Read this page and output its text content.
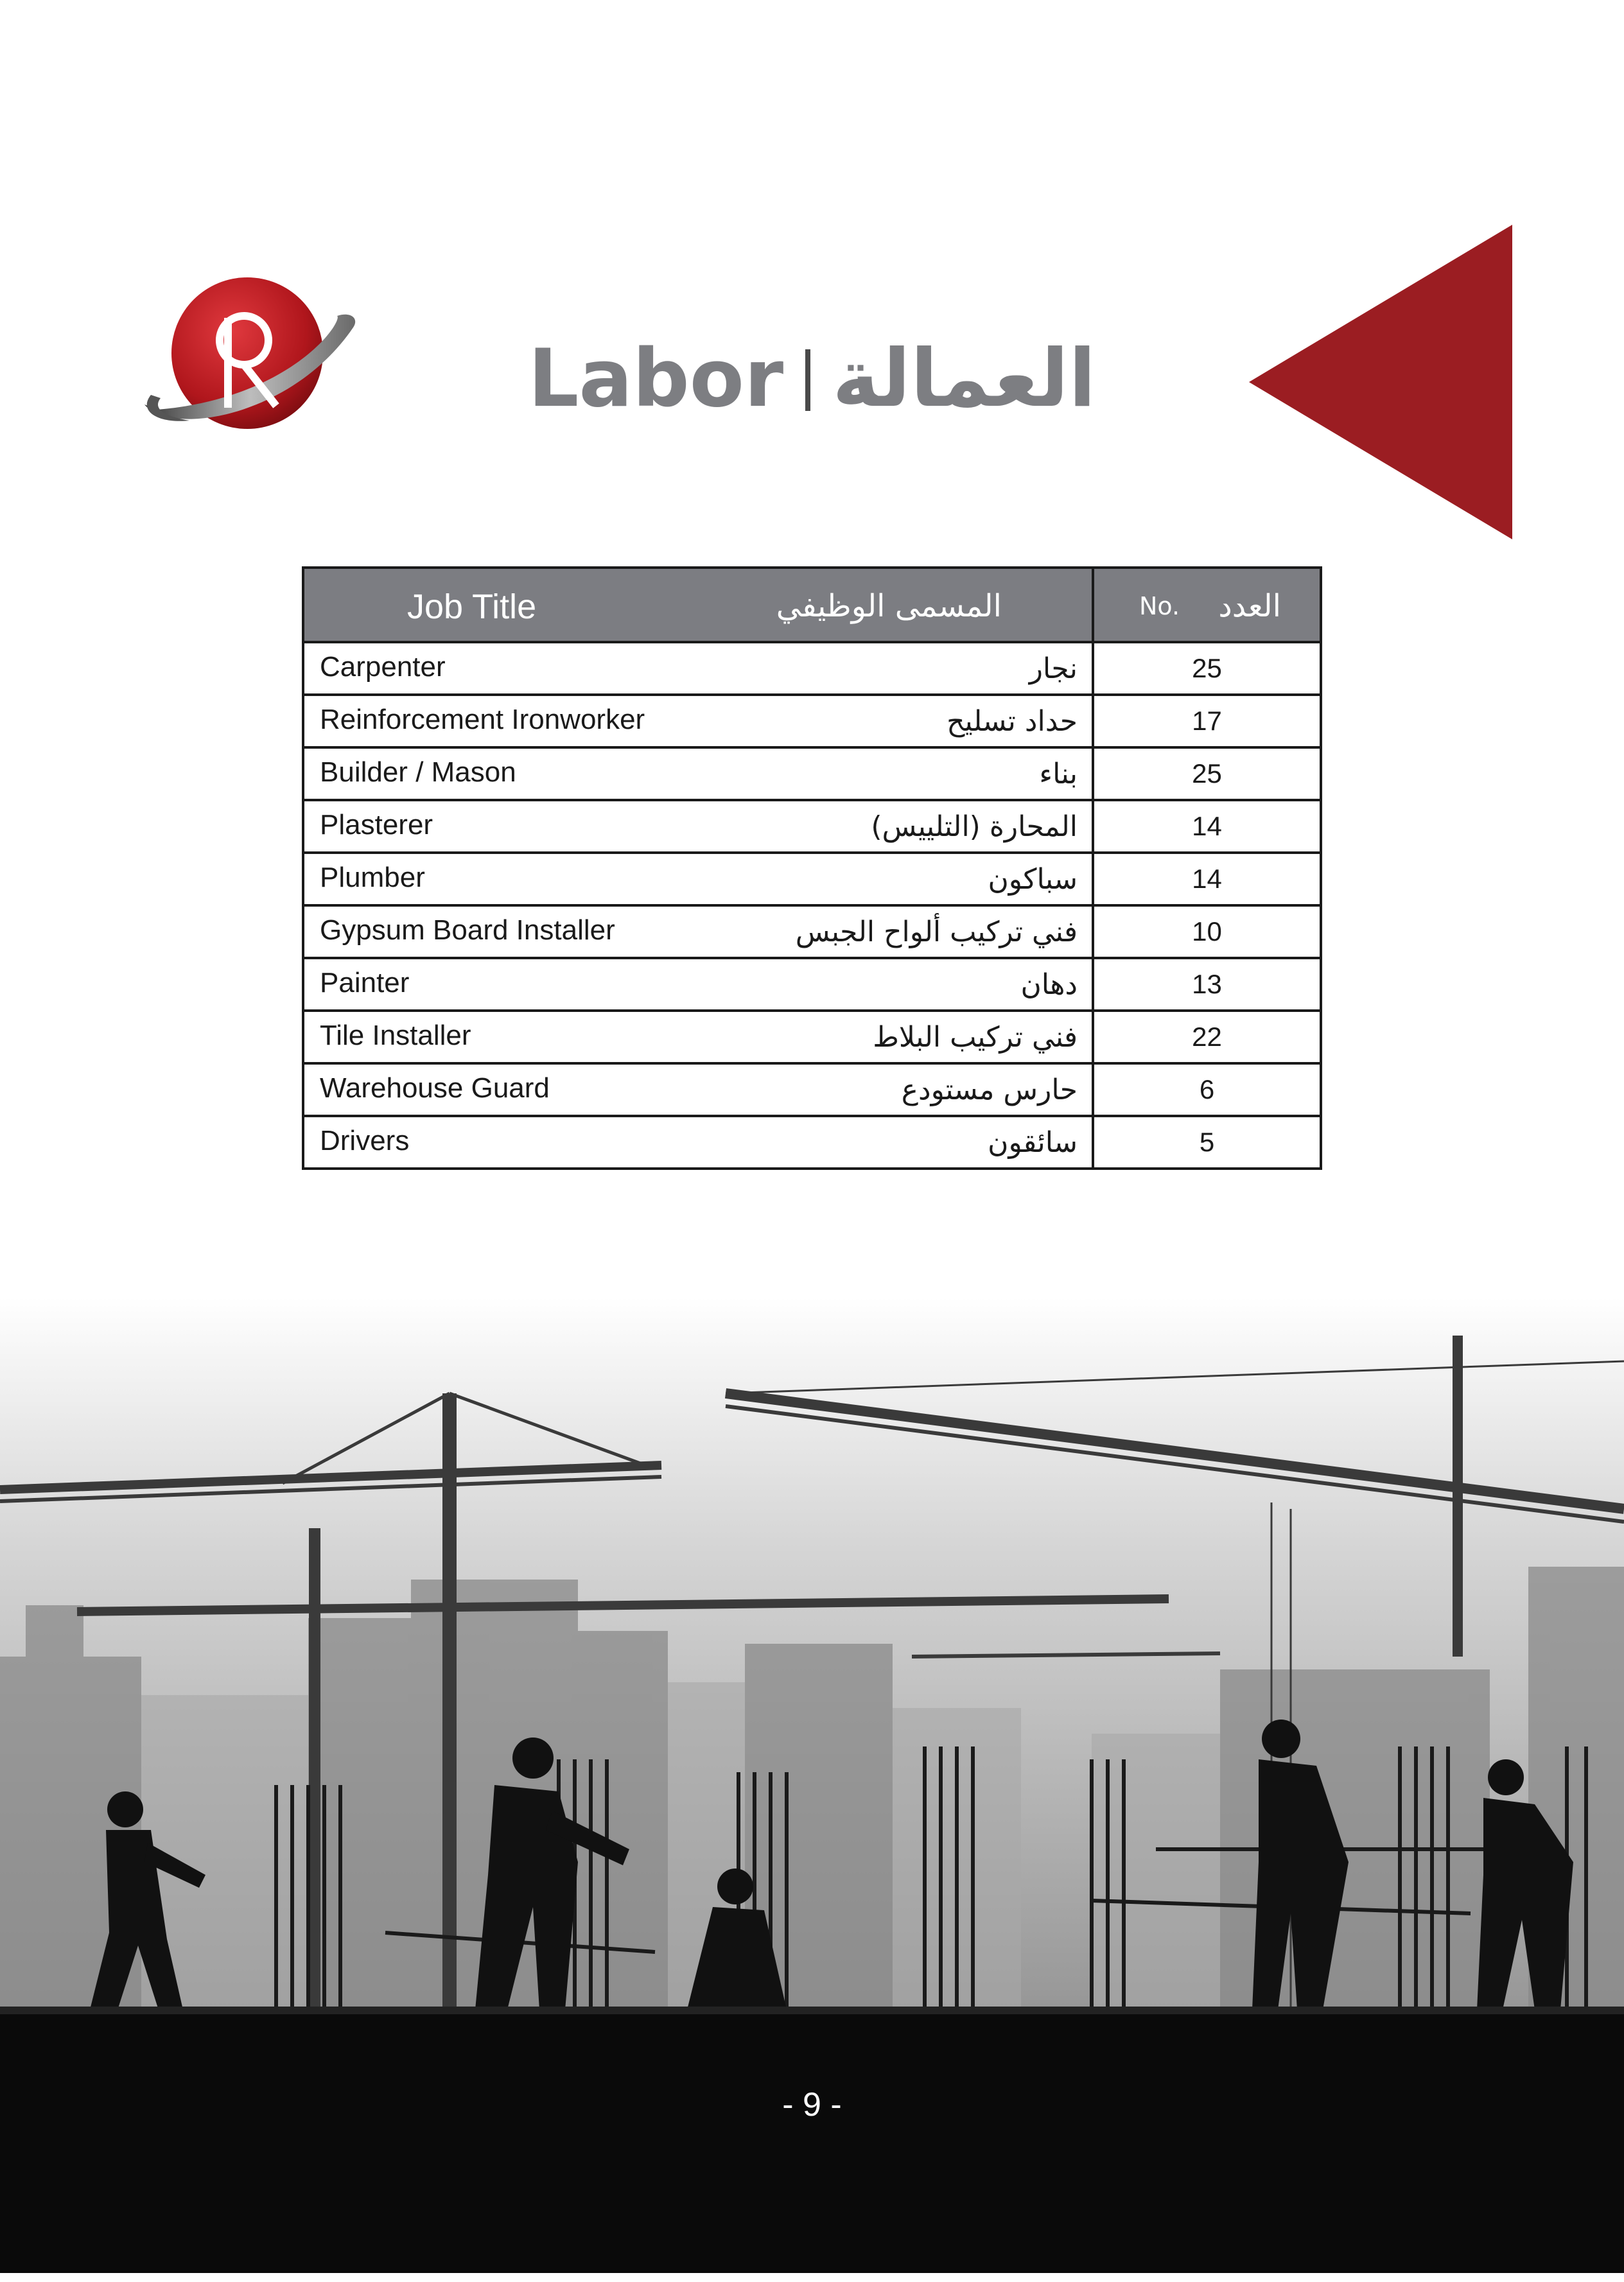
Labor العمالة
Job Title المسمى الوظيفي	No. العدد

Carpenter نجار	25

Reinforcement Ironworker حداد تسليح	17

Builder / Mason بناء	25

Plasterer المحارة (التلييس)	14

Plumber سباكون	14

Gypsum Board Installer فني تركيب ألواح الجبس	10

Painter دهان	13

Tile Installer فني تركيب البلاط	22

Warehouse Guard حارس مستودع	6

Drivers سائقون	5
- 9 -
